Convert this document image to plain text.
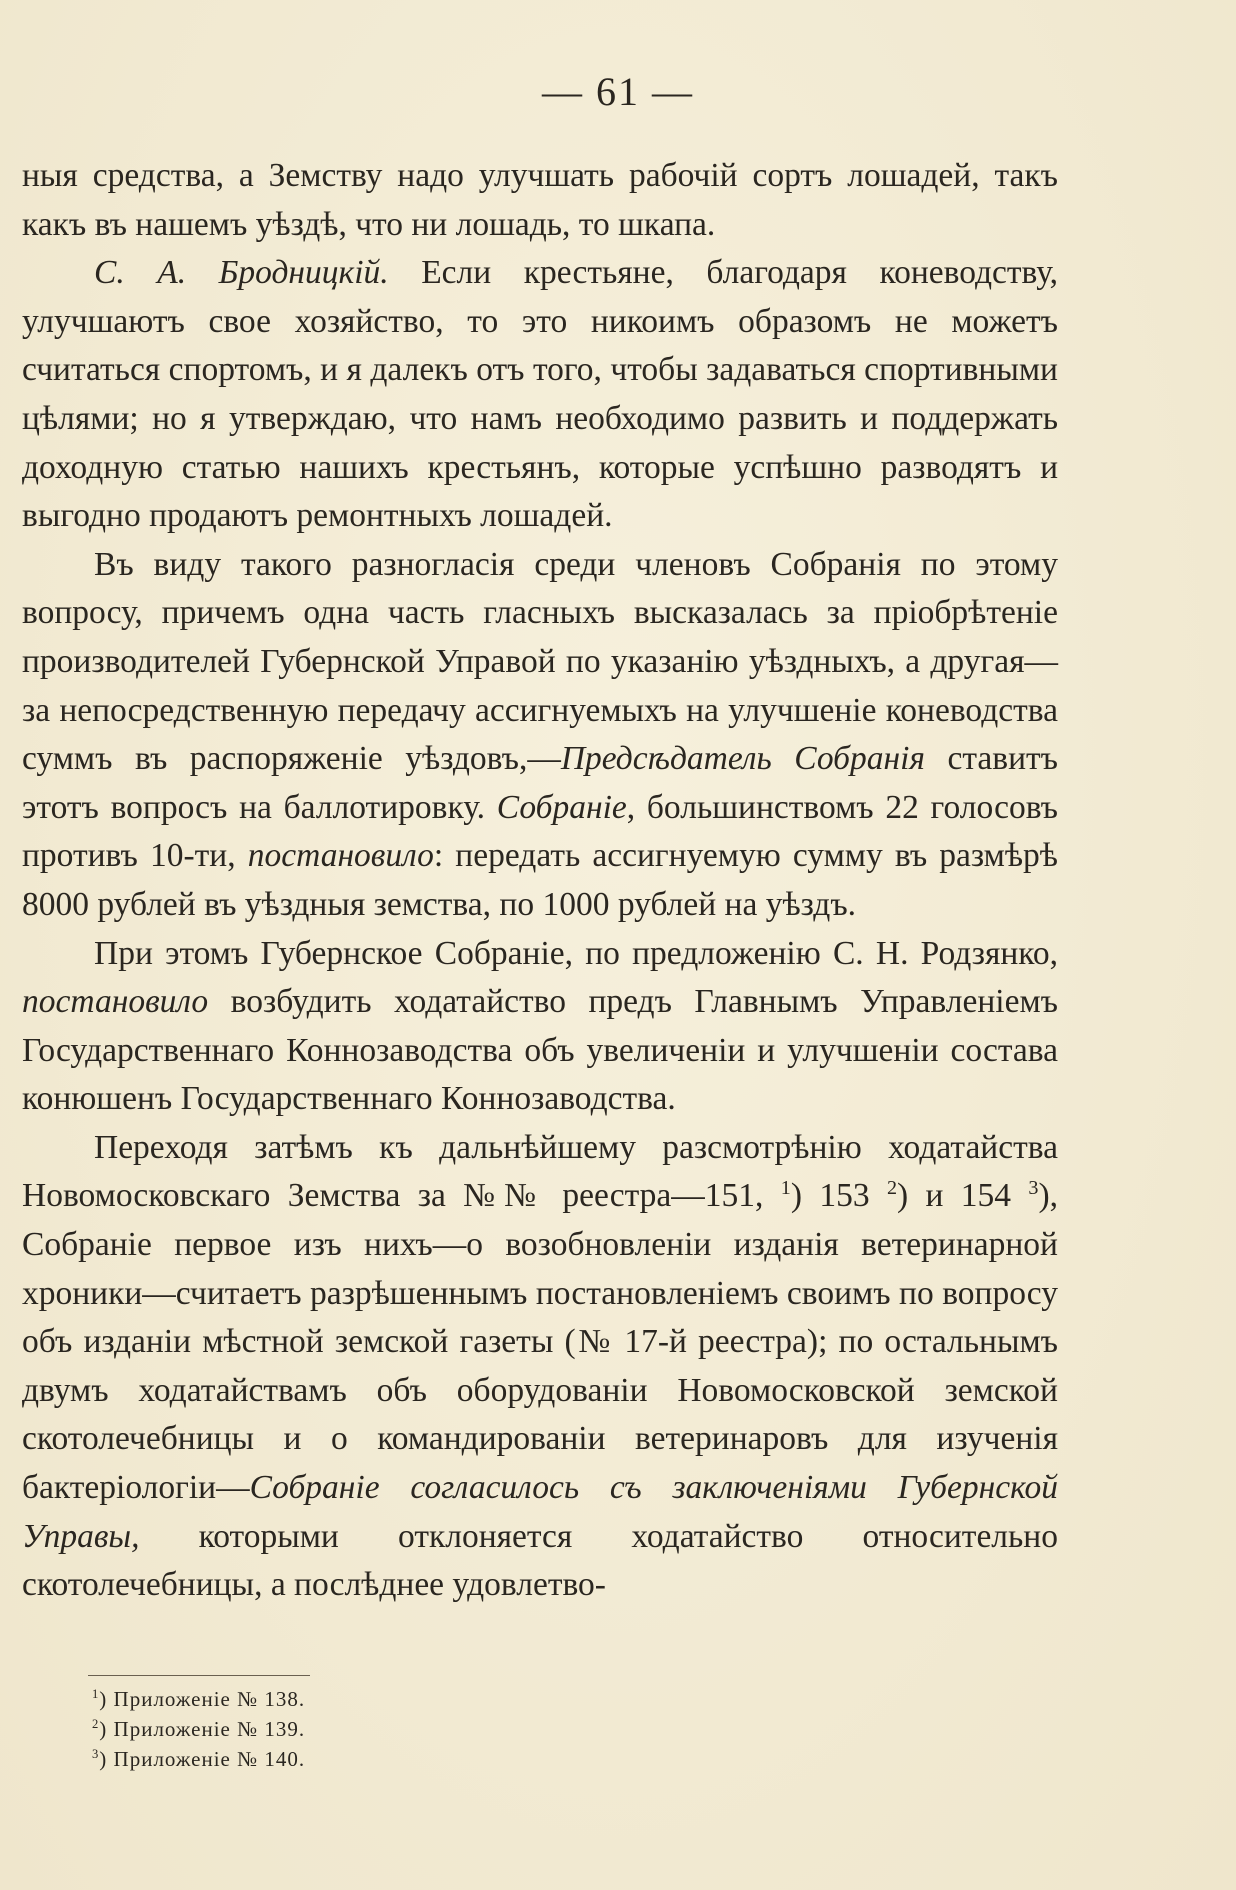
— 61 —

ныя средства, а Земству надо улучшать рабочій сортъ лошадей, такъ какъ въ нашемъ уѣздѣ, что ни лошадь, то шкапа.

С. А. Бродницкій. Если крестьяне, благодаря коневодству, улучшаютъ свое хозяйство, то это никоимъ образомъ не можетъ считаться спортомъ, и я далекъ отъ того, чтобы задаваться спортивными цѣлями; но я утверждаю, что намъ необходимо развить и поддержать доходную статью нашихъ крестьянъ, которые успѣшно разводятъ и выгодно продаютъ ремонтныхъ лошадей.

Въ виду такого разногласія среди членовъ Собранія по этому вопросу, причемъ одна часть гласныхъ высказалась за пріобрѣтеніе производителей Губернской Управой по указанію уѣздныхъ, а другая—за непосредственную передачу ассигнуемыхъ на улучшеніе коневодства суммъ въ распоряженіе уѣздовъ,—Предсѣдатель Собранія ставитъ этотъ вопросъ на баллотировку. Собраніе, большинствомъ 22 голосовъ противъ 10-ти, постановило: передать ассигнуемую сумму въ размѣрѣ 8000 рублей въ уѣздныя земства, по 1000 рублей на уѣздъ.

При этомъ Губернское Собраніе, по предложенію С. Н. Родзянко, постановило возбудить ходатайство предъ Главнымъ Управленіемъ Государственнаго Коннозаводства объ увеличеніи и улучшеніи состава конюшенъ Государственнаго Коннозаводства.

Переходя затѣмъ къ дальнѣйшему разсмотрѣнію ходатайства Новомосковскаго Земства за №№ реестра—151, $^1$) 153 $^2$) и 154 $^3$), Собраніе первое изъ нихъ—о возобновленіи изданія ветеринарной хроники—считаетъ разрѣшеннымъ постановленіемъ своимъ по вопросу объ изданіи мѣстной земской газеты (№ 17-й реестра); по остальнымъ двумъ ходатайствамъ объ оборудованіи Новомосковской земской скотолечебницы и о командированіи ветеринаровъ для изученія бактеріологіи—Собраніе согласилось съ заключеніями Губернской Управы, которыми отклоняется ходатайство относительно скотолечебницы, а послѣднее удовлетво-

$^1$) Приложеніе № 138.
$^2$) Приложеніе № 139.
$^3$) Приложеніе № 140.
